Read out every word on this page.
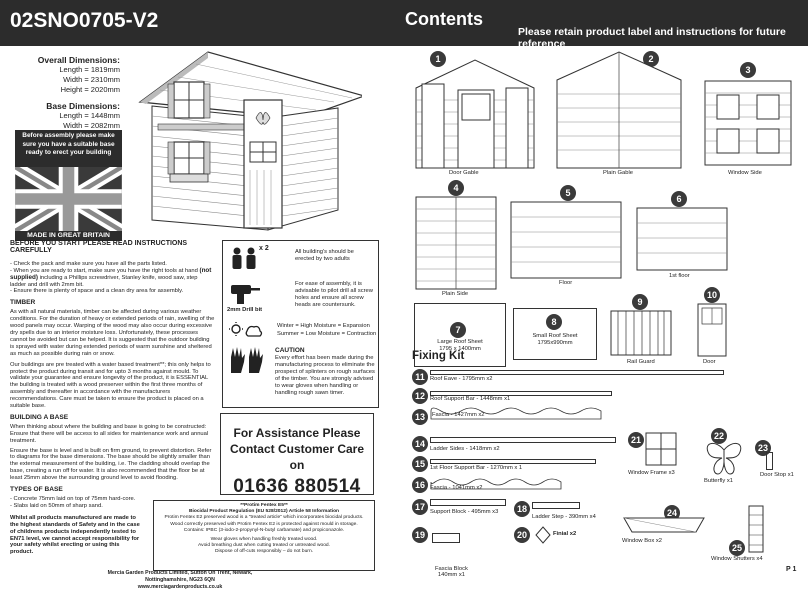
02SNO0705-V2	Contents
Please retain product label and instructions for future reference
Overall Dimensions:
Length = 1819mm
Width = 2310mm
Height = 2020mm
Base Dimensions:
Length = 1448mm
Width = 2082mm
Before assembly please make sure you have a suitable base ready to erect your building
MADE IN GREAT BRITAIN
BEFORE YOU START PLEASE READ INSTRUCTIONS CAREFULLY
- Check the pack and make sure you have all the parts listed.
- When you are ready to start, make sure you have the right tools at hand (not supplied) including a Phillips screwdriver, Stanley knife, wood saw, step ladder and drill with 2mm bit.
- Ensure there is plenty of space and a clean dry area for assembly.
TIMBER
As with all natural materials, timber can be affected during various weather conditions. For the duration of heavy or extended periods of rain, swelling of the wood panels may occur. Warping of the wood may also occur during excessive dry spells due to an interior moisture loss. Unfortunately, these processes cannot be avoided but can be helped. It is suggested that the outdoor building is sprayed with water during extended periods of warm sunshine and sheltered as much as possible during rain or snow.
Our buildings are pre treated with a water based treatment**; this only helps to protect the product during transit and for upto 3 months against mould. To validate your guarantee and ensure longevity of the product, it is ESSENTIAL the building is treated with a wood preserver within the first three months of assembly and thereafter in accordance with the manufacturers recommendations. Care must be taken to ensure the product is placed on a suitable base.
BUILDING A BASE
When thinking about where the building and base is going to be constructed: Ensure that there will be access to all sides for maintenance work and annual treatment.
Ensure the base is level and is built on firm ground, to prevent distortion. Refer to diagrams for the base dimensions. The base should be slightly smaller than the external measurement of the building, i.e. The cladding should overlap the base, creating a run off for water. It is also recommended that the floor be at least 25mm above the surrounding ground level to avoid flooding.
TYPES OF BASE
- Concrete 75mm laid on top of 75mm hard-core.
- Slabs laid on 50mm of sharp sand.
Whilst all products manufactured are made to the highest standards of Safety and in the case of childrens products independently tested to EN71 level, we cannot accept responsibility for your safety whilst erecting or using this product.
x 2	All building's should be erected by two adults
2mm Drill bit
For ease of assembly, it is advisable to pilot drill all screw holes and ensure all screw heads are countersunk.
Winter = High Moisture = Expansion
Summer = Low Moisture = Contraction
CAUTION
Every effort has been made during the manufacturing process to eliminate the prospect of splinters on rough surfaces of the timber. You are strongly advised to wear gloves when handling or handling rough sawn timer.
For Assistance Please
Contact Customer Care on
01636 880514
**Protim Fentex E5**
Biocidal Product Regulation (EU 528/2012) Article 58 Information
Protim Fentex E2 preserved wood is a "treated article" which incorporates biocidal products.
Wood correctly preserved with Protim Fentex E2 is protected against mould in storage.
Contains: IPBC (3-iodo-2-propynyl-N-butyl carbamate) and propiconazole.
Wear gloves when handling freshly treated wood.
Avoid breathing dust when cutting treated or untreated wood.
Dispose of off-cuts responsibly – do not burn.
Mercia Garden Products Limited, Sutton On Trent, Newark, Nottinghamshire, NG23 6QN
www.merciagardenproducts.co.uk
1
Door Gable
2
Plain Gable
3
Window Side
4
Plain Side
5
Floor
6
1st floor
7
Large Roof Sheet
1795 x 1400mm
8
Small Roof Sheet
1795x990mm
9
Rail Guard
10
Door
Fixing Kit
11 Roof Eave - 1795mm x2
12 Roof Support Bar - 1448mm x1
13	Fascia - 1427mm x2
14 Ladder Sides - 1418mm x2
15 1st Floor Support Bar - 1270mm x 1
16 Fascia - 1041mm x2
17 Support Block - 495mm x3	18
Ladder Step - 390mm x4
19
Fascia Block
140mm x1
20	Finial x2
21
Window Frame x3
22
Butterfly x1
23
Door Stop x1
24
Window Box x2
25
Window Shutters x4
P 1
